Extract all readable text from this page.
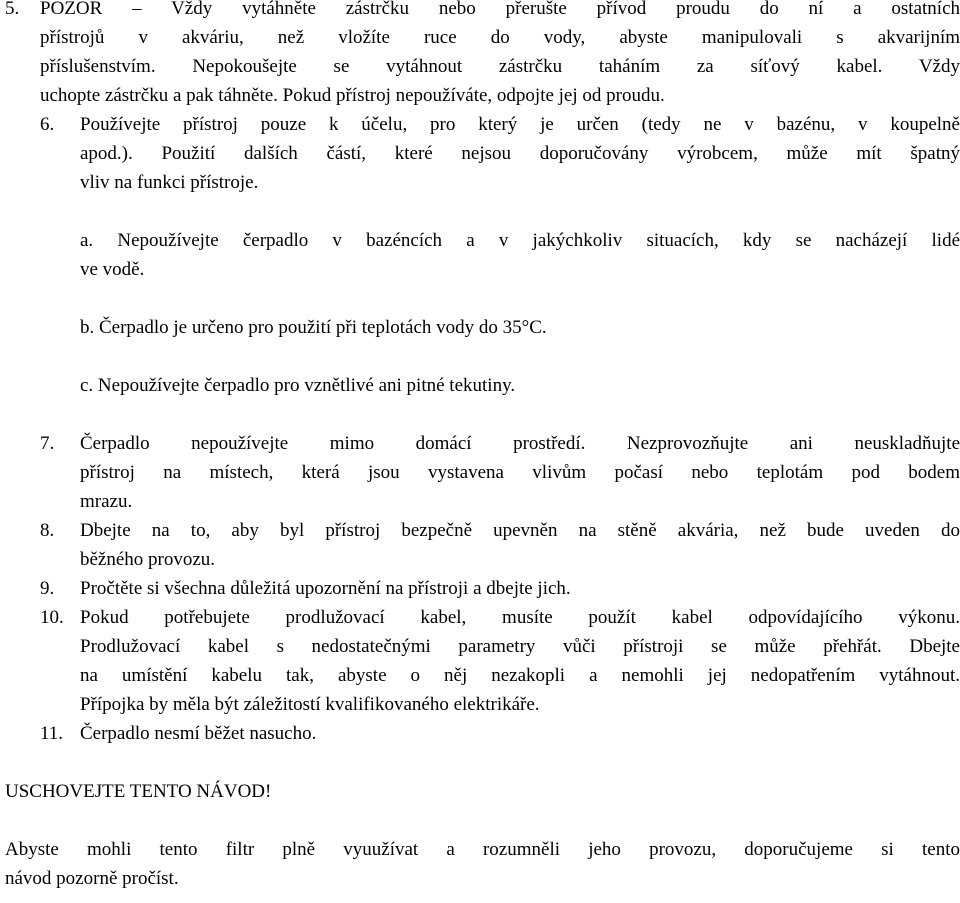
5.	POZOR – Vždy vytáhněte zástrčku nebo přerušte přívod proudu do ní a ostatních
přístrojů v akváriu, než vložíte ruce do vody, abyste manipulovali s akvarijním
příslušenstvím. Nepokoušejte se vytáhnout zástrčku taháním za síťový kabel. Vždy
uchopte zástrčku a pak táhněte. Pokud přístroj nepoužíváte, odpojte jej od proudu.
6.	Používejte přístroj pouze k účelu, pro který je určen (tedy ne v bazénu, v koupelně
apod.). Použití dalších částí, které nejsou doporučovány výrobcem, může mít špatný
vliv na funkci přístroje.
a. Nepoužívejte čerpadlo v bazéncích a v jakýchkoliv situacích, kdy se nacházejí lidé
ve vodě.
b. Čerpadlo je určeno pro použití při teplotách vody do 35°C.
c. Nepoužívejte čerpadlo pro vznětlivé ani pitné tekutiny.
7.	Čerpadlo nepoužívejte mimo domácí prostředí. Nezprovozňujte ani neuskladňujte
přístroj na místech, která jsou vystavena vlivům počasí nebo teplotám pod bodem
mrazu.
8.	Dbejte na to, aby byl přístroj bezpečně upevněn na stěně akvária, než bude uveden do
běžného provozu.
9.	Pročtěte si všechna důležitá upozornění na přístroji a dbejte jich.
10. Pokud potřebujete prodlužovací kabel, musíte použít kabel odpovídajícího výkonu.
Prodlužovací kabel s nedostatečnými parametry vůči přístroji se může přehřát. Dbejte
na umístění kabelu tak, abyste o něj nezakopli a nemohli jej nedopatřením vytáhnout.
Přípojka by měla být záležitostí kvalifikovaného elektrikáře.
11. Čerpadlo nesmí běžet nasucho.
USCHOVEJTE TENTO NÁVOD!
Abyste mohli tento filtr plně vyuužívat a rozumněli jeho provozu, doporučujeme si tento
návod pozorně pročíst.
